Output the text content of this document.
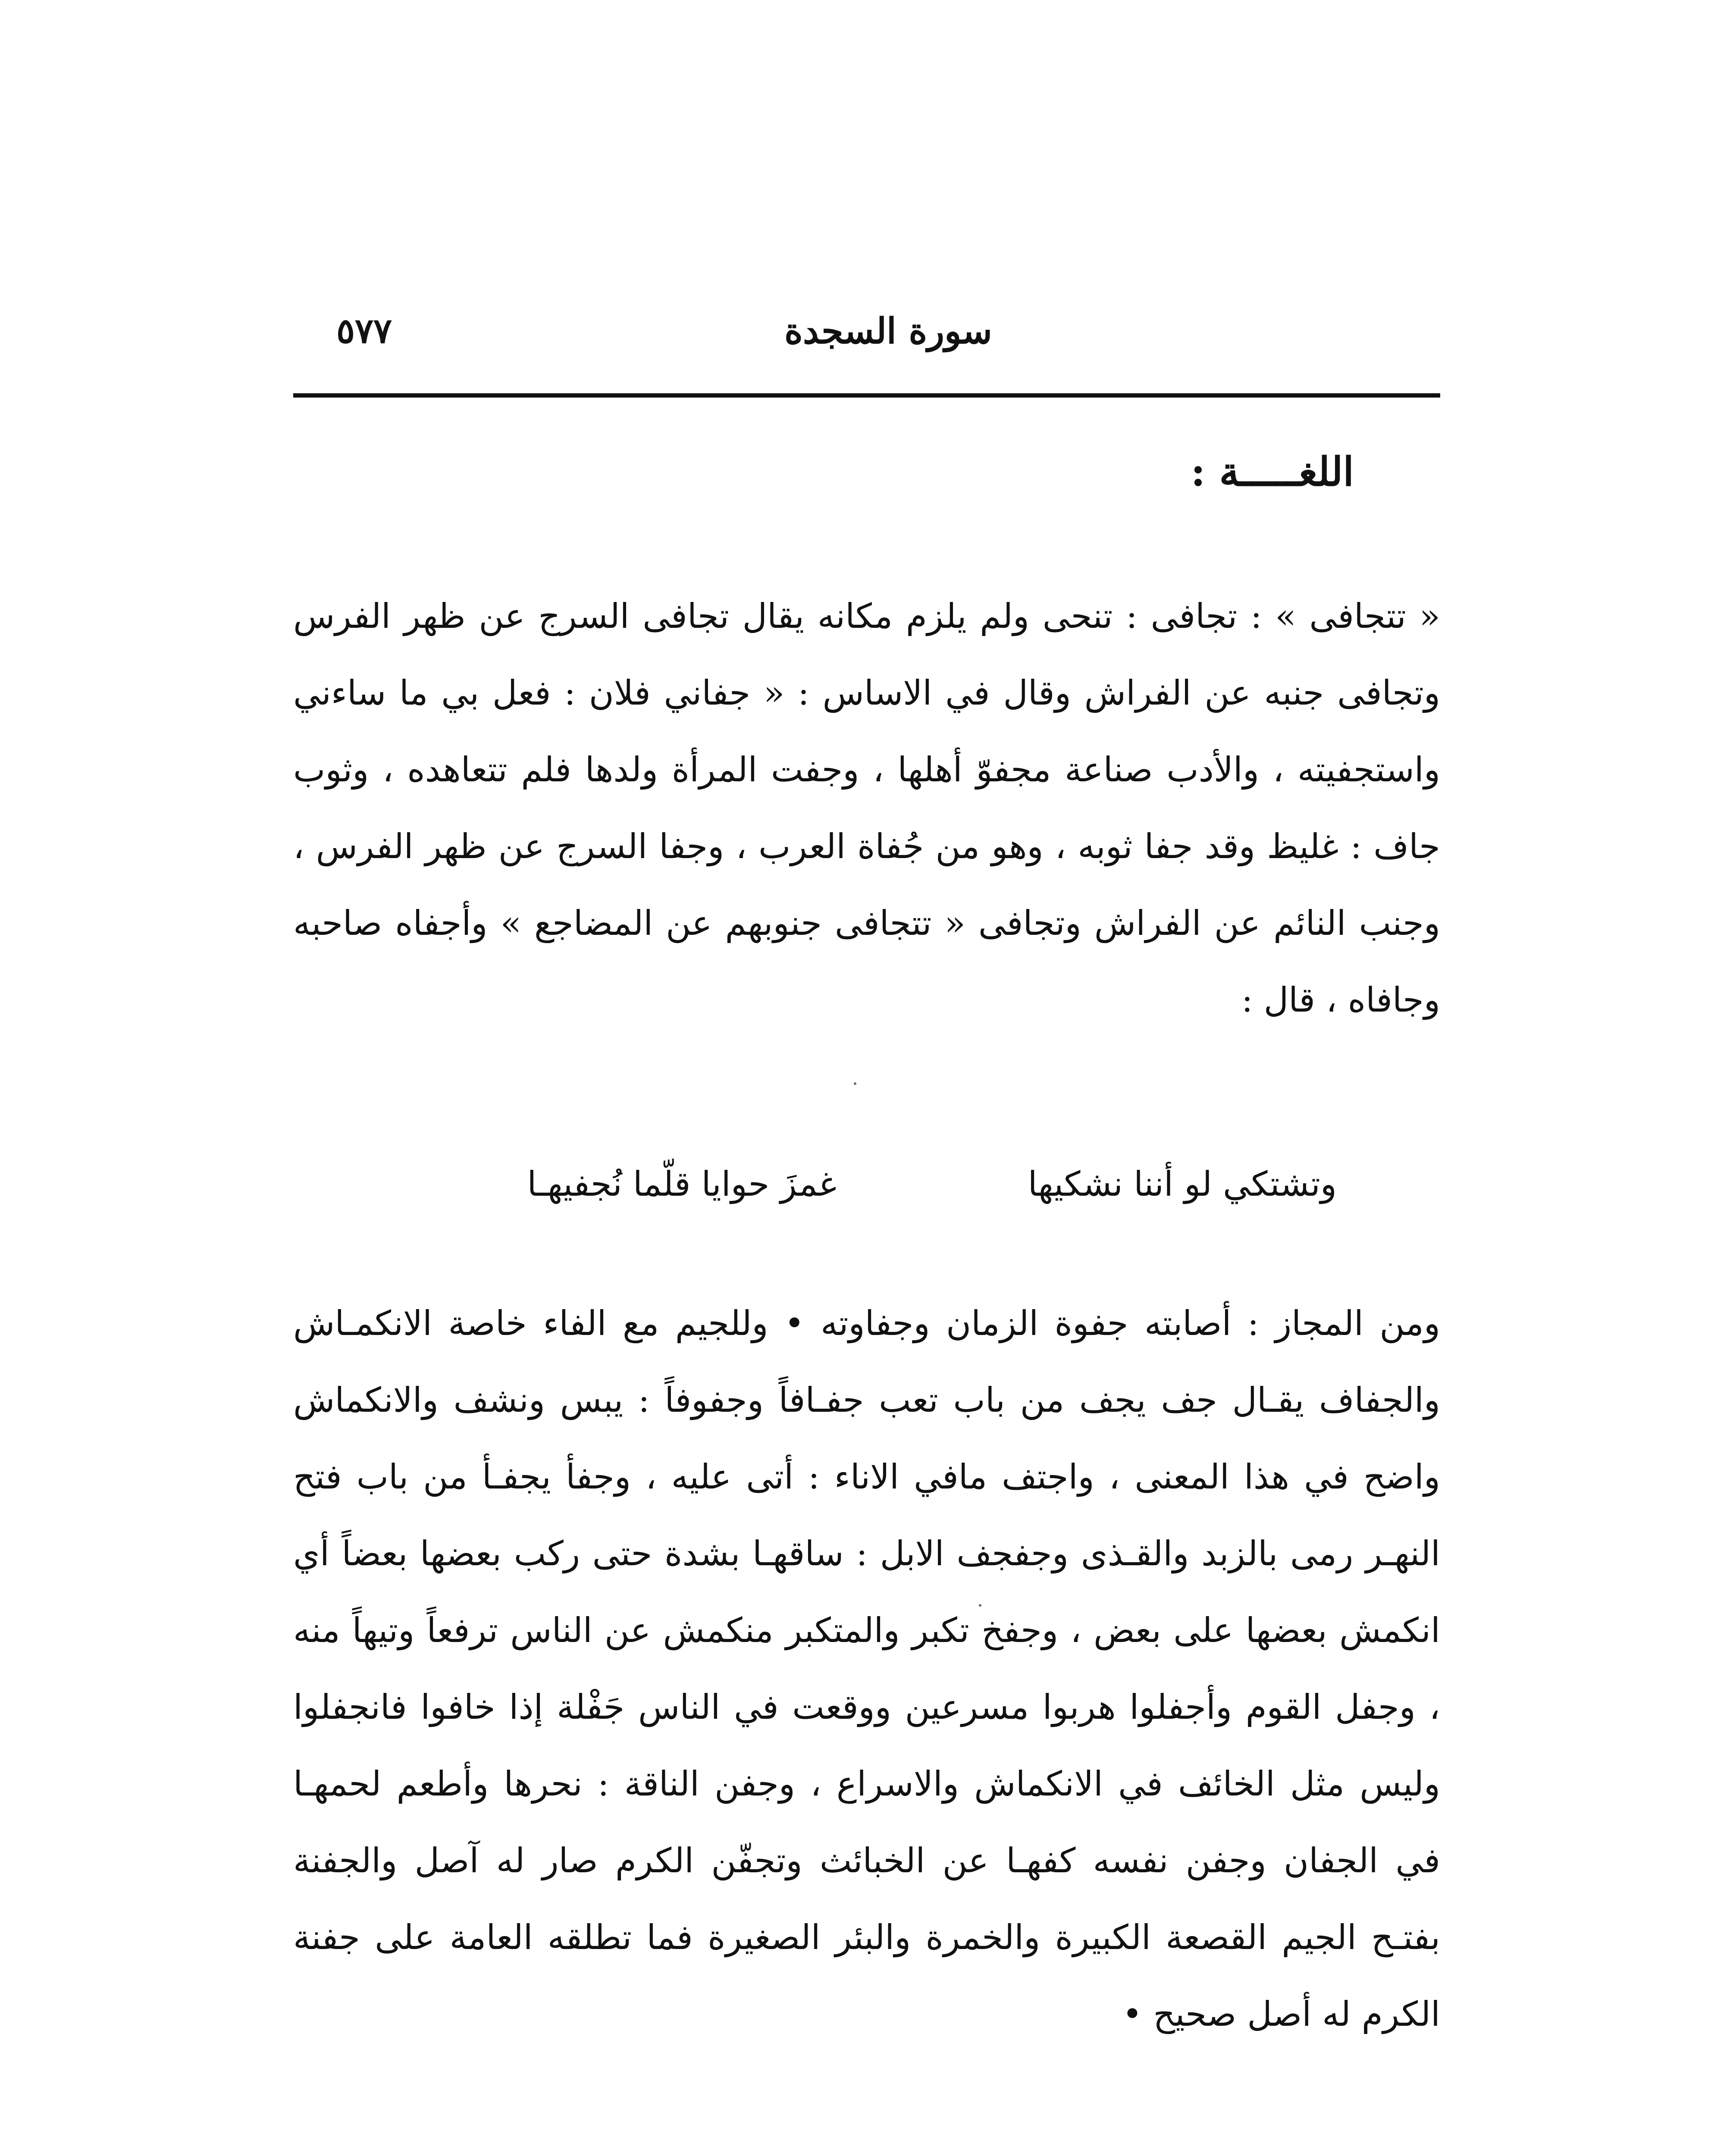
٥٧٧	سورة السجدة
اللغـــــة :

« تتجافى » : تجافى : تنحى ولم يلزم مكانه يقال تجافى السرج عن ظهر الفرس وتجافى جنبه عن الفراش وقال في الاساس : « جفاني فلان : فعل بي ما ساءني واستجفيته ، والأدب صناعة مجفوّ أهلها ، وجفت المرأة ولدها فلم تتعاهده ، وثوب جاف : غليظ وقد جفا ثوبه ، وهو من جُفاة العرب ، وجفا السرج عن ظهر الفرس ، وجنب النائم عن الفراش وتجافى « تتجافى جنوبهم عن المضاجع » وأجفاه صاحبه وجافاه ، قال :

وتشتكي لو أننا نشكيها
غمزَ حوايا قلّما نُجفيهـا

ومن المجاز : أصابته جفوة الزمان وجفاوته • وللجيم مع الفاء خاصة الانكمـاش والجفاف يقـال جف يجف من باب تعب جفـافاً وجفوفاً : يبس ونشف والانكماش واضح في هذا المعنى ، واجتف مافي الاناء : أتى عليه ، وجفأ يجفـأ من باب فتح النهـر رمى بالزبد والقـذى وجفجف الابل : ساقهـا بشدة حتى ركب بعضها بعضاً أي انكمش بعضها على بعض ، وجفخ تكبر والمتكبر منكمش عن الناس ترفعاً وتيهاً منه ، وجفل القوم وأجفلوا هربوا مسرعين ووقعت في الناس جَفْلة إذا خافوا فانجفلوا وليس مثل الخائف في الانكماش والاسراع ، وجفن الناقة : نحرها وأطعم لحمهـا في الجفان وجفن نفسه كفهـا عن الخبائث وتجفّن الكرم صار له آصل والجفنة بفتـح الجيم القصعة الكبيرة والخمرة والبئر الصغيرة فما تطلقه العامة على جفنة الكرم له أصل صحيح •
